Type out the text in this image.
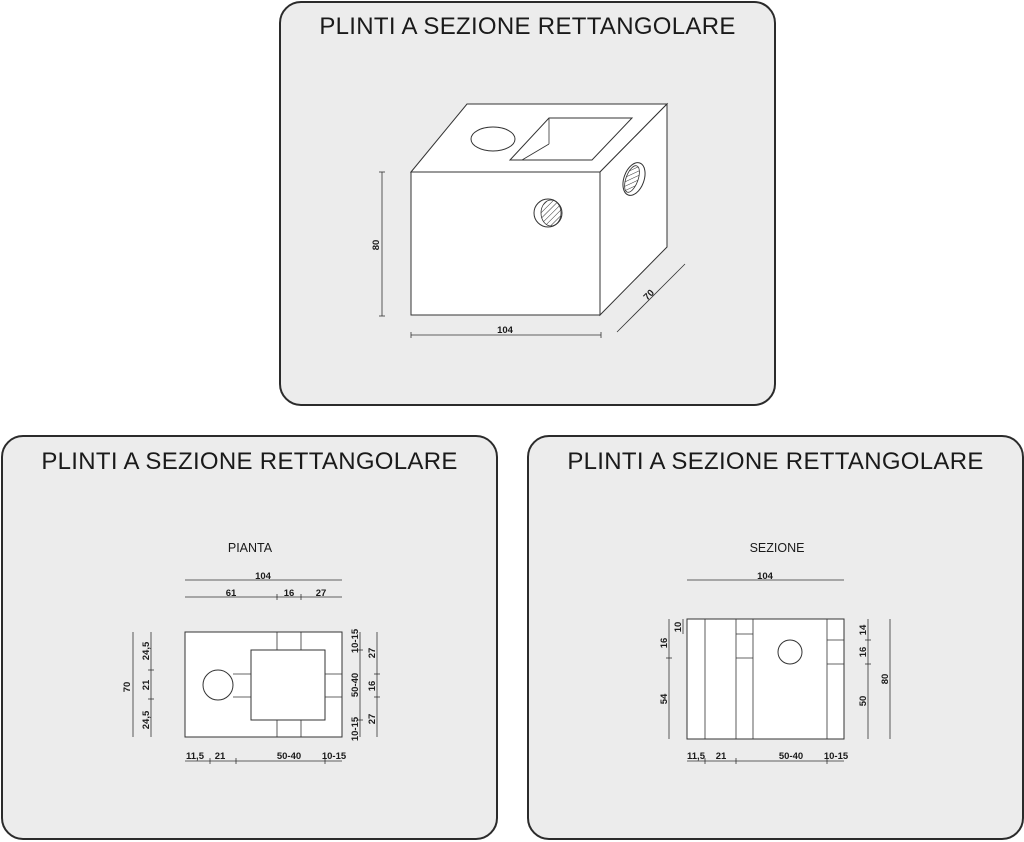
PLINTI A SEZIONE RETTANGOLARE
80
104
70
PLINTI A SEZIONE RETTANGOLARE
PIANTA
104
61	16 27
70
24,5
21
24,5
10-15
50-40
10-15
27
16
27
11,5 21	50-40 10-15
PLINTI A SEZIONE RETTANGOLARE
SEZIONE
104
16
54
10	14
16
50
80
11,5 21	50-40 10-15
